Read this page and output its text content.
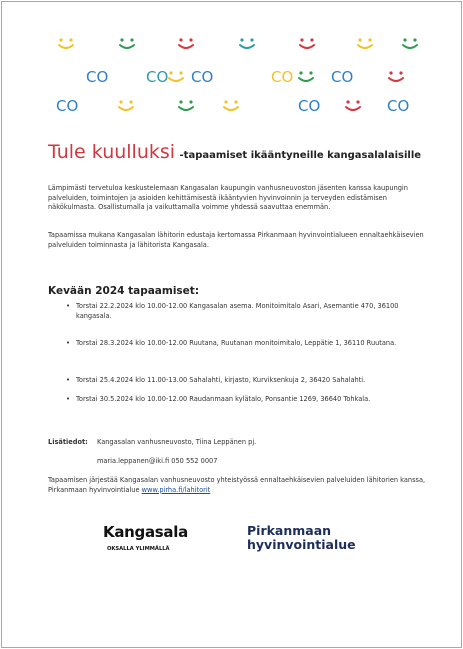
CO	CO CO	CO	CO
CO	CO	CO
Tule kuulluksi -tapaamiset ikääntyneille kangasalalaisille
Lämpimästi tervetuloa keskustelemaan Kangasalan kaupungin vanhusneuvoston jäsenten kanssa kaupungin palveluiden, toimintojen ja asioiden kehittämisestä ikääntyvien hyvinvoinnin ja terveyden edistämisen näkökulmasta. Osallistumalla ja vaikuttamalla voimme yhdessä saavuttaa enemmän.
Tapaamissa mukana Kangasalan lähitorin edustaja kertomassa Pirkanmaan hyvinvointialueen ennaltaehkäisevien palveluiden toiminnasta ja lähitorista Kangasala.
Kevään 2024 tapaamiset:
• Torstai 22.2.2024 klo 10.00-12.00 Kangasalan asema. Monitoimitalo Asari, Asemantie 470, 36100 kangasala.
• Torstai 28.3.2024 klo 10.00-12.00 Ruutana, Ruutanan monitoimitalo, Leppätie 1, 36110 Ruutana.
• Torstai 25.4.2024 klo 11.00-13.00 Sahalahti, kirjasto, Kurviksenkuja 2, 36420 Sahalahti.
• Torstai 30.5.2024 klo 10.00-12.00 Raudanmaan kylätalo, Ponsantie 1269, 36640 Tohkala.
Lisätiedot: Kangasalan vanhusneuvosto, Tiina Leppänen pj.
maria.leppanen@iki.fi 050 552 0007
Tapaamisen järjestää Kangasalan vanhusneuvosto yhteistyössä ennaltaehkäisevien palveluiden lähitorien kanssa, Pirkanmaan hyvinvointialue www.pirha.fi/lahitorit
Kangasala
OKSALLA YLIMMÄLLÄ
Pirkanmaan
hyvinvointialue
